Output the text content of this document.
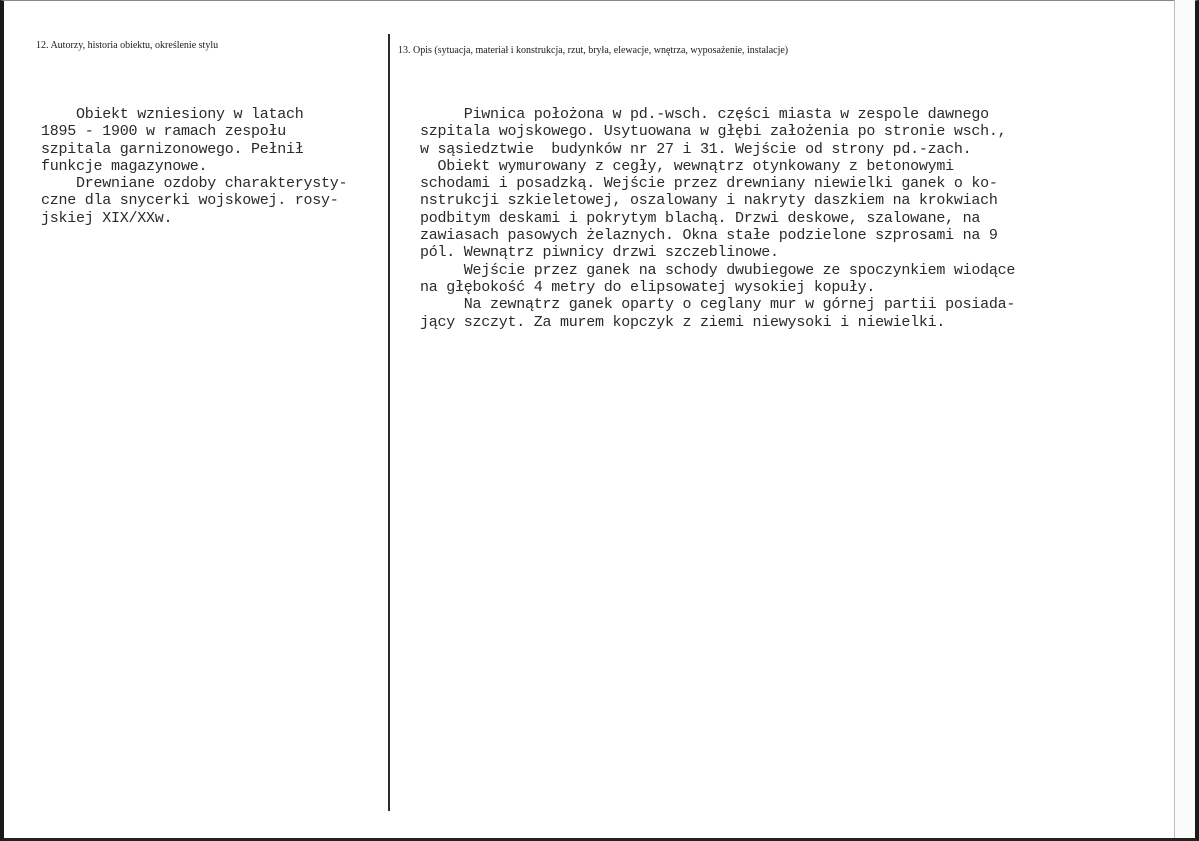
12. Autorzy, historia obiektu, określenie stylu	13. Opis (sytuacja, materiał i konstrukcja, rzut, bryła, elewacje, wnętrza, wyposażenie, instalacje)
Obiekt wzniesiony w latach
1895 - 1900 w ramach zespołu
szpitala garnizonowego. Pełnił
funkcje magazynowe.
Drewniane ozdoby charakterysty-
czne dla snycerki wojskowej. rosy-
jskiej XIX/XXw.
Piwnica położona w pd.-wsch. części miasta w zespole dawnego
szpitala wojskowego. Usytuowana w głębi założenia po stronie wsch.,
w sąsiedztwie  budynków nr 27 i 31. Wejście od strony pd.-zach.
Obiekt wymurowany z cegły, wewnątrz otynkowany z betonowymi
schodami i posadzką. Wejście przez drewniany niewielki ganek o ko-
nstrukcji szkieletowej, oszalowany i nakryty daszkiem na krokwiach
podbitym deskami i pokrytym blachą. Drzwi deskowe, szalowane, na
zawiasach pasowych żelaznych. Okna stałe podzielone szprosami na 9
pól. Wewnątrz piwnicy drzwi szczeblinowe.
Wejście przez ganek na schody dwubiegowe ze spoczynkiem wiodące
na głębokość 4 metry do elipsowatej wysokiej kopuły.
Na zewnątrz ganek oparty o ceglany mur w górnej partii posiada-
jący szczyt. Za murem kopczyk z ziemi niewysoki i niewielki.
